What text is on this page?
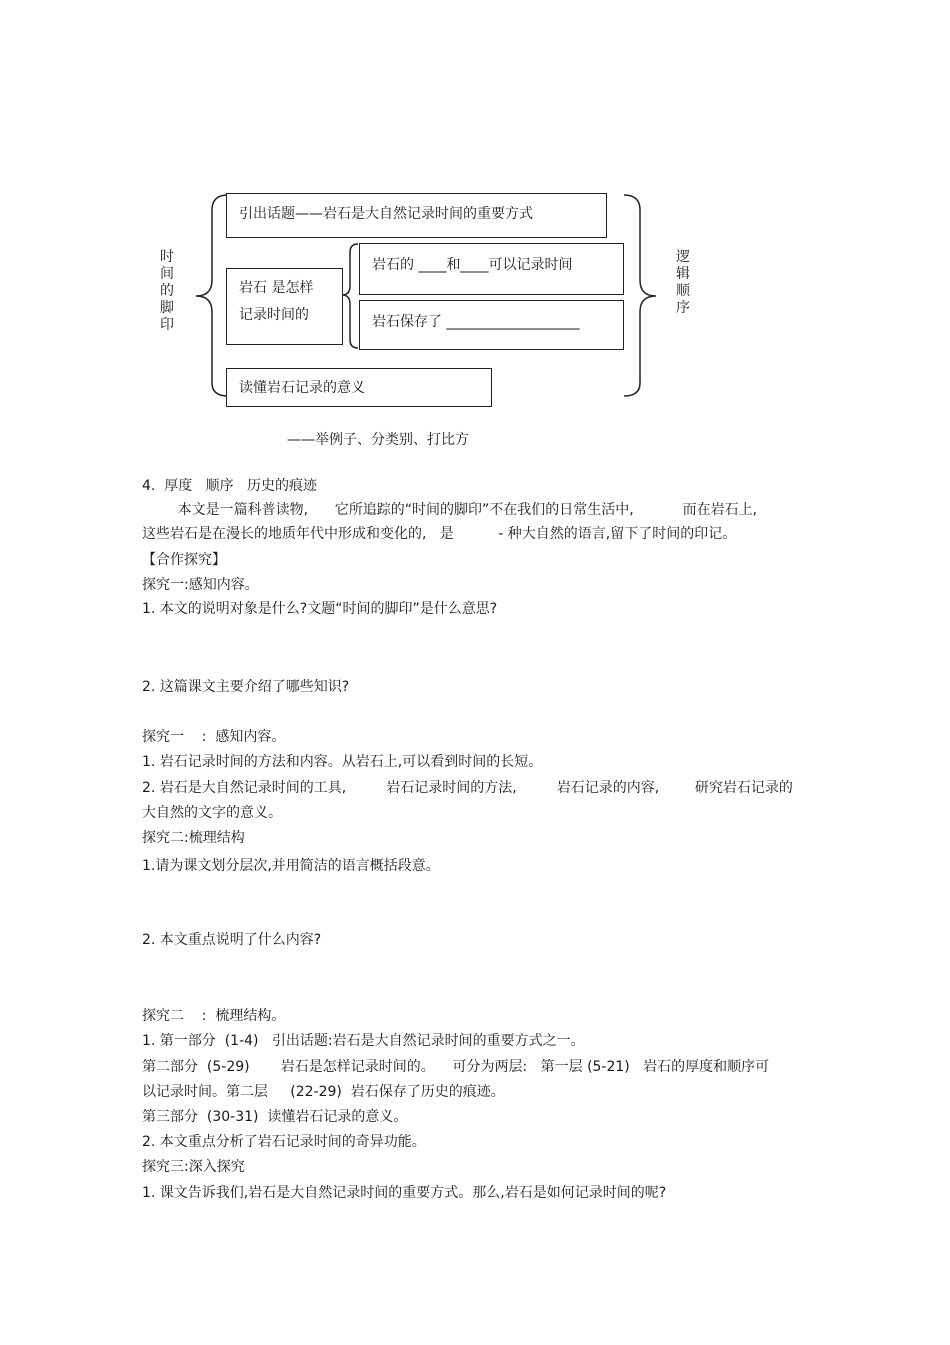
时间的脚印
逻辑顺序
引出话题——岩石是大自然记录时间的重要方式
岩石 是怎样
记录时间的
岩石的 ____和____可以记录时间
岩石保存了 ___________________
读懂岩石记录的意义
——举例子、分类别、打比方
4.  厚度   顺序   历史的痕迹
本文是一篇科普读物,      它所追踪的“时间的脚印”不在我们的日常生活中,           而在岩石上,
这些岩石是在漫长的地质年代中形成和变化的,   是          - 种大自然的语言,留下了时间的印记。
【合作探究】
探究一:感知内容。
1. 本文的说明对象是什么?文题“时间的脚印”是什么意思?
2. 这篇课文主要介绍了哪些知识?
探究一    :  感知内容。
1. 岩石记录时间的方法和内容。从岩石上,可以看到时间的长短。
2. 岩石是大自然记录时间的工具,         岩石记录时间的方法,         岩石记录的内容,        研究岩石记录的
大自然的文字的意义。
探究二:梳理结构
1.请为课文划分层次,并用简洁的语言概括段意。
2. 本文重点说明了什么内容?
探究二    :  梳理结构。
1. 第一部分  (1-4)   引出话题:岩石是大自然记录时间的重要方式之一。
第二部分  (5-29)       岩石是怎样记录时间的。    可分为两层:   第一层 (5-21)   岩石的厚度和顺序可
以记录时间。第二层     (22-29)  岩石保存了历史的痕迹。
第三部分  (30-31)  读懂岩石记录的意义。
2. 本文重点分析了岩石记录时间的奇异功能。
探究三:深入探究
1. 课文告诉我们,岩石是大自然记录时间的重要方式。那么,岩石是如何记录时间的呢?
